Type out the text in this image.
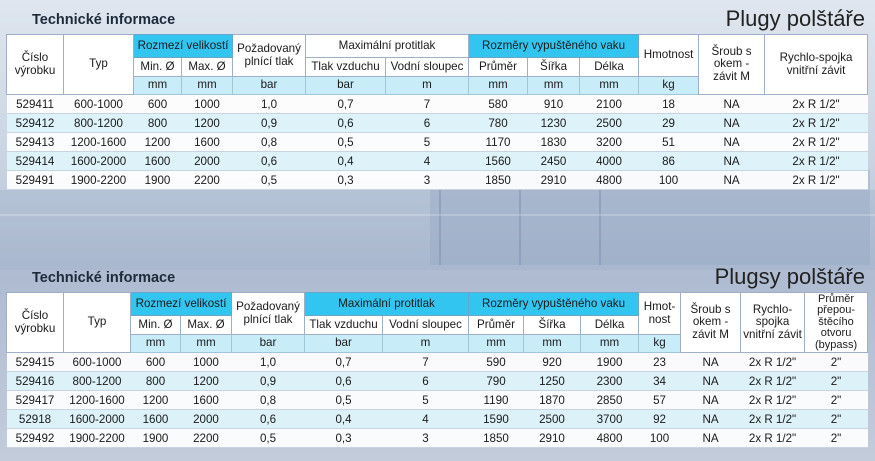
Technické informace	Plugy polštáře
Číslo výrobku	Typ	Rozmezí velikostí		Požadovaný plnící tlak	Maximální protitlak		Rozměry vypuštěného vaku			Hmotnost	Šroub s okem - závit M	Rychlo-spojka vnitřní závit
		Min. Ø	Max. Ø		Tlak vzduchu	Vodní sloupec	Průměr	Šířka	Délka			
		mm	mm	bar	bar	m	mm	mm	mm	kg		
529411	600-1000	600	1000	1,0	0,7	7	580	910	2100	18	NA	2x R 1/2"
529412	800-1200	800	1200	0,9	0,6	6	780	1230	2500	29	NA	2x R 1/2"
529413	1200-1600	1200	1600	0,8	0,5	5	1170	1830	3200	51	NA	2x R 1/2"
529414	1600-2000	1600	2000	0,6	0,4	4	1560	2450	4000	86	NA	2x R 1/2"
529491	1900-2200	1900	2200	0,5	0,3	3	1850	2910	4800	100	NA	2x R 1/2"
Technické informace	Plugsy polštáře
Číslo výrobku	Typ	Rozmezí velikostí		Požadovaný plnící tlak	Maximální protitlak		Rozměry vypuštěného vaku			Hmot-nost	Šroub s okem - závit M	Rychlo-spojka vnitřní závit	Průměr přepou-štěcího otvoru (bypass)
		Min. Ø	Max. Ø		Tlak vzduchu	Vodní sloupec	Průměr	Šířka	Délka				
		mm	mm	bar	bar	m	mm	mm	mm	kg			
529415	600-1000	600	1000	1,0	0,7	7	590	920	1900	23	NA	2x R 1/2"	2"
529416	800-1200	800	1200	0,9	0,6	6	790	1250	2300	34	NA	2x R 1/2"	2"
529417	1200-1600	1200	1600	0,8	0,5	5	1190	1870	2850	57	NA	2x R 1/2"	2"
52918	1600-2000	1600	2000	0,6	0,4	4	1590	2500	3700	92	NA	2x R 1/2"	2"
529492	1900-2200	1900	2200	0,5	0,3	3	1850	2910	4800	100	NA	2x R 1/2"	2"
